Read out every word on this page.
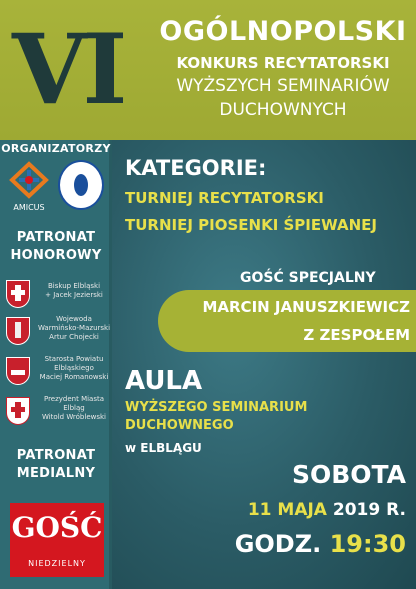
VI	OGÓLNOPOLSKI
KONKURS RECYTATORSKI
WYŻSZYCH SEMINARIÓW
DUCHOWNYCH
ORGANIZATORZY
AMICUS
PATRONAT
HONOROWY
Biskup Elbląski
+ Jacek Jezierski
Wojewoda
Warmińsko-Mazurski
Artur Chojecki
Starosta Powiatu
Elbląskiego
Maciej Romanowski
Prezydent Miasta
Elbląg
Witold Wróblewski
PATRONAT
MEDIALNY
GOŚĆ
NIEDZIELNY
KATEGORIE:
TURNIEJ RECYTATORSKI
TURNIEJ PIOSENKI ŚPIEWANEJ
GOŚĆ SPECJALNY
MARCIN JANUSZKIEWICZ
Z ZESPOŁEM
AULA
WYŻSZEGO SEMINARIUM
DUCHOWNEGO
w ELBLĄGU
SOBOTA
11 MAJA 2019 R.
GODZ. 19:30
